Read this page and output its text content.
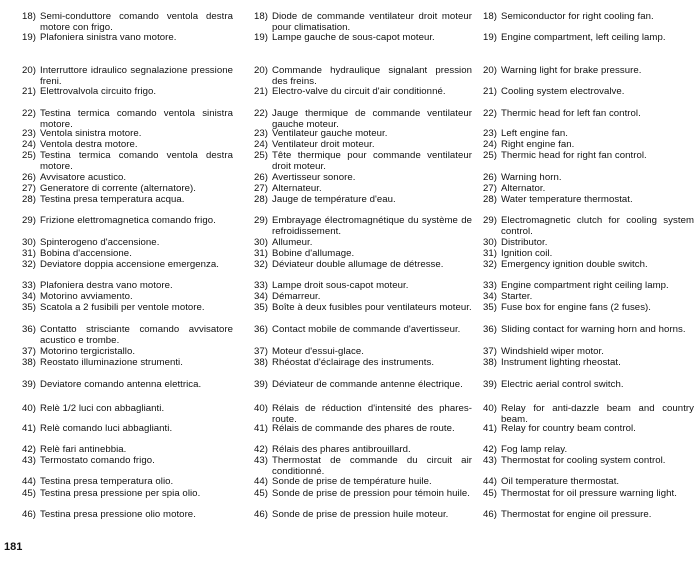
18) Semi-conduttore comando ventola destra motore con frigo.
19) Plafoniera sinistra vano motore.
20) Interruttore idraulico segnalazione pressione freni.
21) Elettrovalvola circuito frigo.
22) Testina termica comando ventola sinistra motore.
23) Ventola sinistra motore.
24) Ventola destra motore.
25) Testina termica comando ventola destra motore.
26) Avvisatore acustico.
27) Generatore di corrente (alternatore).
28) Testina presa temperatura acqua.
29) Frizione elettromagnetica comando frigo.
30) Spinterogeno d'accensione.
31) Bobina d'accensione.
32) Deviatore doppia accensione emergenza.
33) Plafoniera destra vano motore.
34) Motorino avviamento.
35) Scatola a 2 fusibili per ventole motore.
36) Contatto strisciante comando avvisatore acustico e trombe.
37) Motorino tergicristallo.
38) Reostato illuminazione strumenti.
39) Deviatore comando antenna elettrica.
40) Relè 1/2 luci con abbaglianti.
41) Relè comando luci abbaglianti.
42) Relè fari antinebbia.
43) Termostato comando frigo.
44) Testina presa temperatura olio.
45) Testina presa pressione per spia olio.
46) Testina presa pressione olio motore.
18) Diode de commande ventilateur droit moteur pour climatisation.
19) Lampe gauche de sous-capot moteur.
20) Commande hydraulique signalant pression des freins.
21) Electro-valve du circuit d'air conditionné.
22) Jauge thermique de commande ventilateur gauche moteur.
23) Ventilateur gauche moteur.
24) Ventilateur droit moteur.
25) Tête thermique pour commande ventilateur droit moteur.
26) Avertisseur sonore.
27) Alternateur.
28) Jauge de température d'eau.
29) Embrayage électromagnétique du système de refroidissement.
30) Allumeur.
31) Bobine d'allumage.
32) Déviateur double allumage de détresse.
33) Lampe droit sous-capot moteur.
34) Démarreur.
35) Boîte à deux fusibles pour ventilateurs moteur.
36) Contact mobile de commande d'avertisseur.
37) Moteur d'essui-glace.
38) Rhéostat d'éclairage des instruments.
39) Déviateur de commande antenne électrique.
40) Rélais de réduction d'intensité des phares-route.
41) Rélais de commande des phares de route.
42) Rélais des phares antibrouillard.
43) Thermostat de commande du circuit air conditionné.
44) Sonde de prise de température huile.
45) Sonde de prise de pression pour témoin huile.
46) Sonde de prise de pression huile moteur.
18) Semiconductor for right cooling fan.
19) Engine compartment, left ceiling lamp.
20) Warning light for brake pressure.
21) Cooling system electrovalve.
22) Thermic head for left fan control.
23) Left engine fan.
24) Right engine fan.
25) Thermic head for right fan control.
26) Warning horn.
27) Alternator.
28) Water temperature thermostat.
29) Electromagnetic clutch for cooling system control.
30) Distributor.
31) Ignition coil.
32) Emergency ignition double switch.
33) Engine compartment right ceiling lamp.
34) Starter.
35) Fuse box for engine fans (2 fuses).
36) Sliding contact for warning horn and horns.
37) Windshield wiper motor.
38) Instrument lighting rheostat.
39) Electric aerial control switch.
40) Relay for anti-dazzle beam and country beam.
41) Relay for country beam control.
42) Fog lamp relay.
43) Thermostat for cooling system control.
44) Oil temperature thermostat.
45) Thermostat for oil pressure warning light.
46) Thermostat for engine oil pressure.
181
